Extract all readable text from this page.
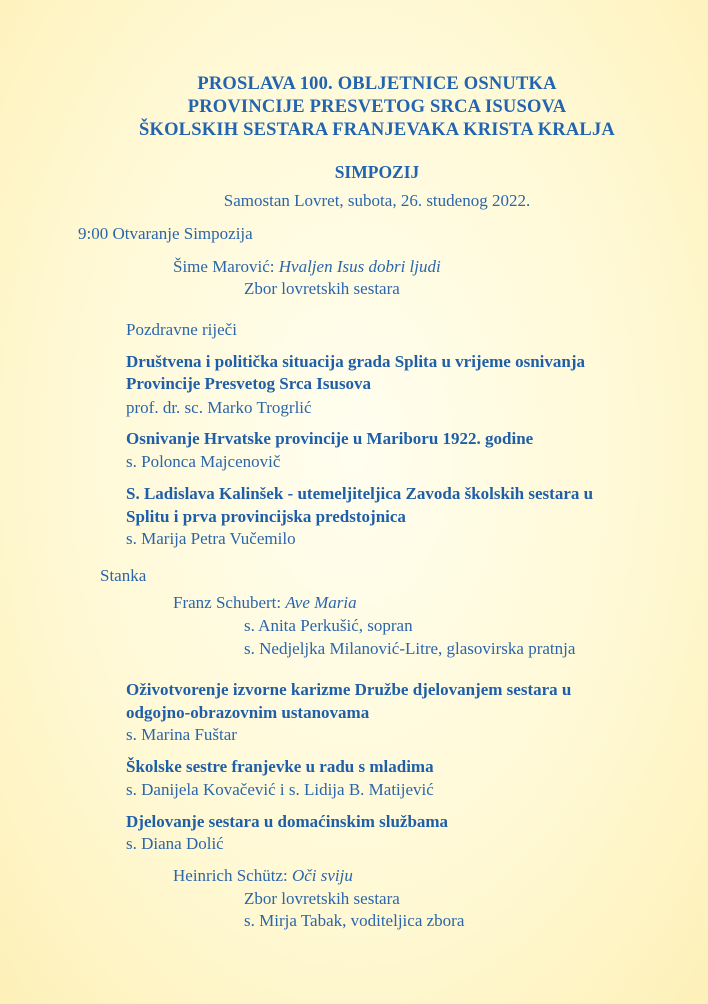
PROSLAVA 100. OBLJETNICE OSNUTKA
PROVINCIJE PRESVETOG SRCA ISUSOVA
ŠKOLSKIH SESTARA FRANJEVAKA KRISTA KRALJA
SIMPOZIJ
Samostan Lovret, subota, 26. studenog 2022.
9:00 Otvaranje Simpozija
Šime Marović: Hvaljen Isus dobri ljudi
Zbor lovretskih sestara
Pozdravne riječi
Društvena i politička situacija grada Splita u vrijeme osnivanja
Provincije Presvetog Srca Isusova
prof. dr. sc. Marko Trogrlić
Osnivanje Hrvatske provincije u Mariboru 1922. godine
s. Polonca Majcenovič
S. Ladislava Kalinšek - utemeljiteljica Zavoda školskih sestara u
Splitu i prva provincijska predstojnica
s. Marija Petra Vučemilo
Stanka
Franz Schubert: Ave Maria
s. Anita Perkušić, sopran
s. Nedjeljka Milanović-Litre, glasovirska pratnja
Oživotvorenje izvorne karizme Družbe djelovanjem sestara u
odgojno-obrazovnim ustanovama
s. Marina Fuštar
Školske sestre franjevke u radu s mladima
s. Danijela Kovačević i s. Lidija B. Matijević
Djelovanje sestara u domaćinskim službama
s. Diana Dolić
Heinrich Schütz: Oči sviju
Zbor lovretskih sestara
s. Mirja Tabak, voditeljica zbora
